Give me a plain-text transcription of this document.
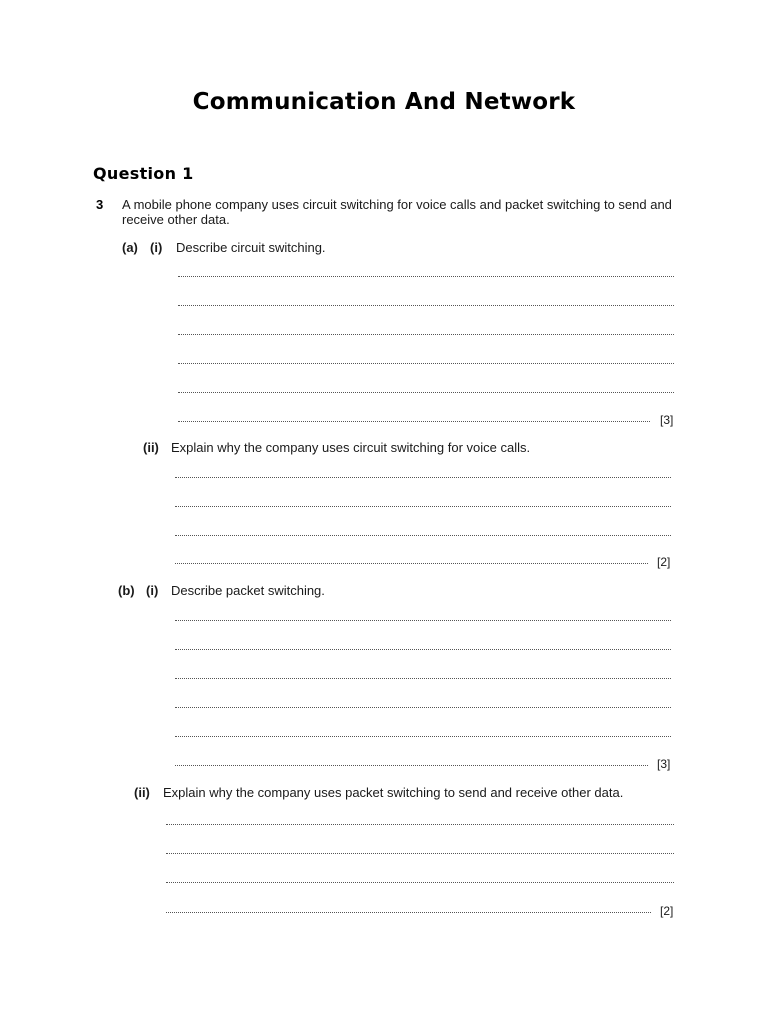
Communication And Network
Question 1
3 A mobile phone company uses circuit switching for voice calls and packet switching to send and receive other data.
(a) (i) Describe circuit switching.
[3]
(ii) Explain why the company uses circuit switching for voice calls.
[2]
(b) (i) Describe packet switching.
[3]
(ii) Explain why the company uses packet switching to send and receive other data.
[2]
